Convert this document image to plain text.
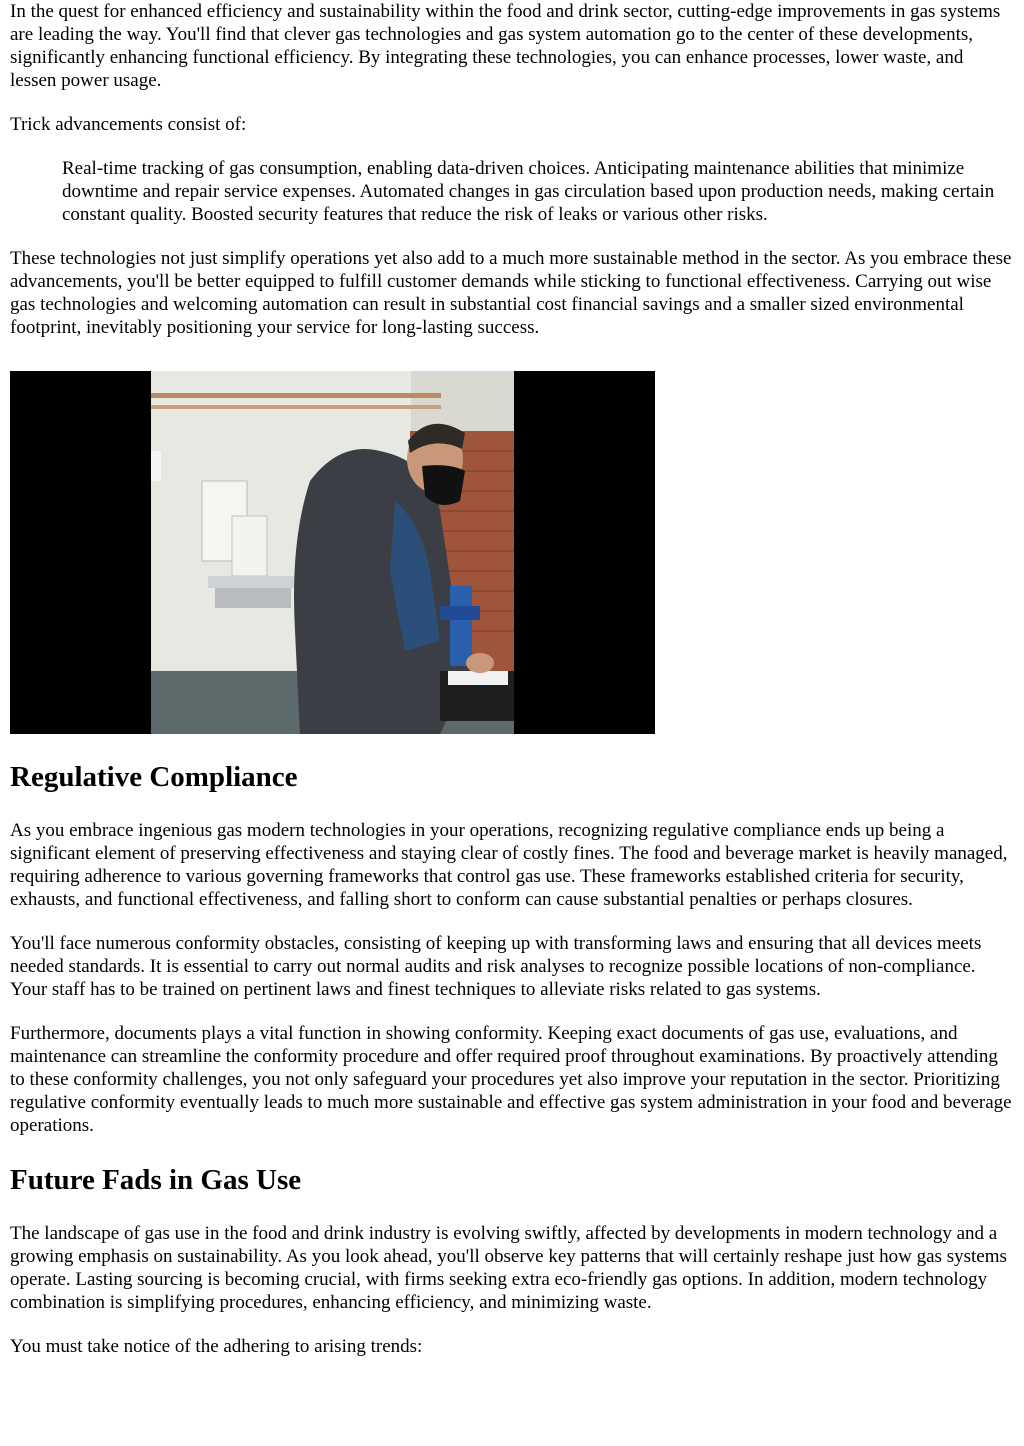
In the quest for enhanced efficiency and sustainability within the food and drink sector, cutting-edge improvements in gas systems are leading the way. You'll find that clever gas technologies and gas system automation go to the center of these developments, significantly enhancing functional efficiency. By integrating these technologies, you can enhance processes, lower waste, and lessen power usage.

Trick advancements consist of:

Real-time tracking of gas consumption, enabling data-driven choices. Anticipating maintenance abilities that minimize downtime and repair service expenses. Automated changes in gas circulation based upon production needs, making certain constant quality. Boosted security features that reduce the risk of leaks or various other risks.

These technologies not just simplify operations yet also add to a much more sustainable method in the sector. As you embrace these advancements, you'll be better equipped to fulfill customer demands while sticking to functional effectiveness. Carrying out wise gas technologies and welcoming automation can result in substantial cost financial savings and a smaller sized environmental footprint, inevitably positioning your service for long-lasting success.

Regulative Compliance

As you embrace ingenious gas modern technologies in your operations, recognizing regulative compliance ends up being a significant element of preserving effectiveness and staying clear of costly fines. The food and beverage market is heavily managed, requiring adherence to various governing frameworks that control gas use. These frameworks established criteria for security, exhausts, and functional effectiveness, and falling short to conform can cause substantial penalties or perhaps closures.

You'll face numerous conformity obstacles, consisting of keeping up with transforming laws and ensuring that all devices meets needed standards. It is essential to carry out normal audits and risk analyses to recognize possible locations of non-compliance. Your staff has to be trained on pertinent laws and finest techniques to alleviate risks related to gas systems.

Furthermore, documents plays a vital function in showing conformity. Keeping exact documents of gas use, evaluations, and maintenance can streamline the conformity procedure and offer required proof throughout examinations. By proactively attending to these conformity challenges, you not only safeguard your procedures yet also improve your reputation in the sector. Prioritizing regulative conformity eventually leads to much more sustainable and effective gas system administration in your food and beverage operations.

Future Fads in Gas Use

The landscape of gas use in the food and drink industry is evolving swiftly, affected by developments in modern technology and a growing emphasis on sustainability. As you look ahead, you'll observe key patterns that will certainly reshape just how gas systems operate. Lasting sourcing is becoming crucial, with firms seeking extra eco-friendly gas options. In addition, modern technology combination is simplifying procedures, enhancing efficiency, and minimizing waste.

You must take notice of the adhering to arising trends:
